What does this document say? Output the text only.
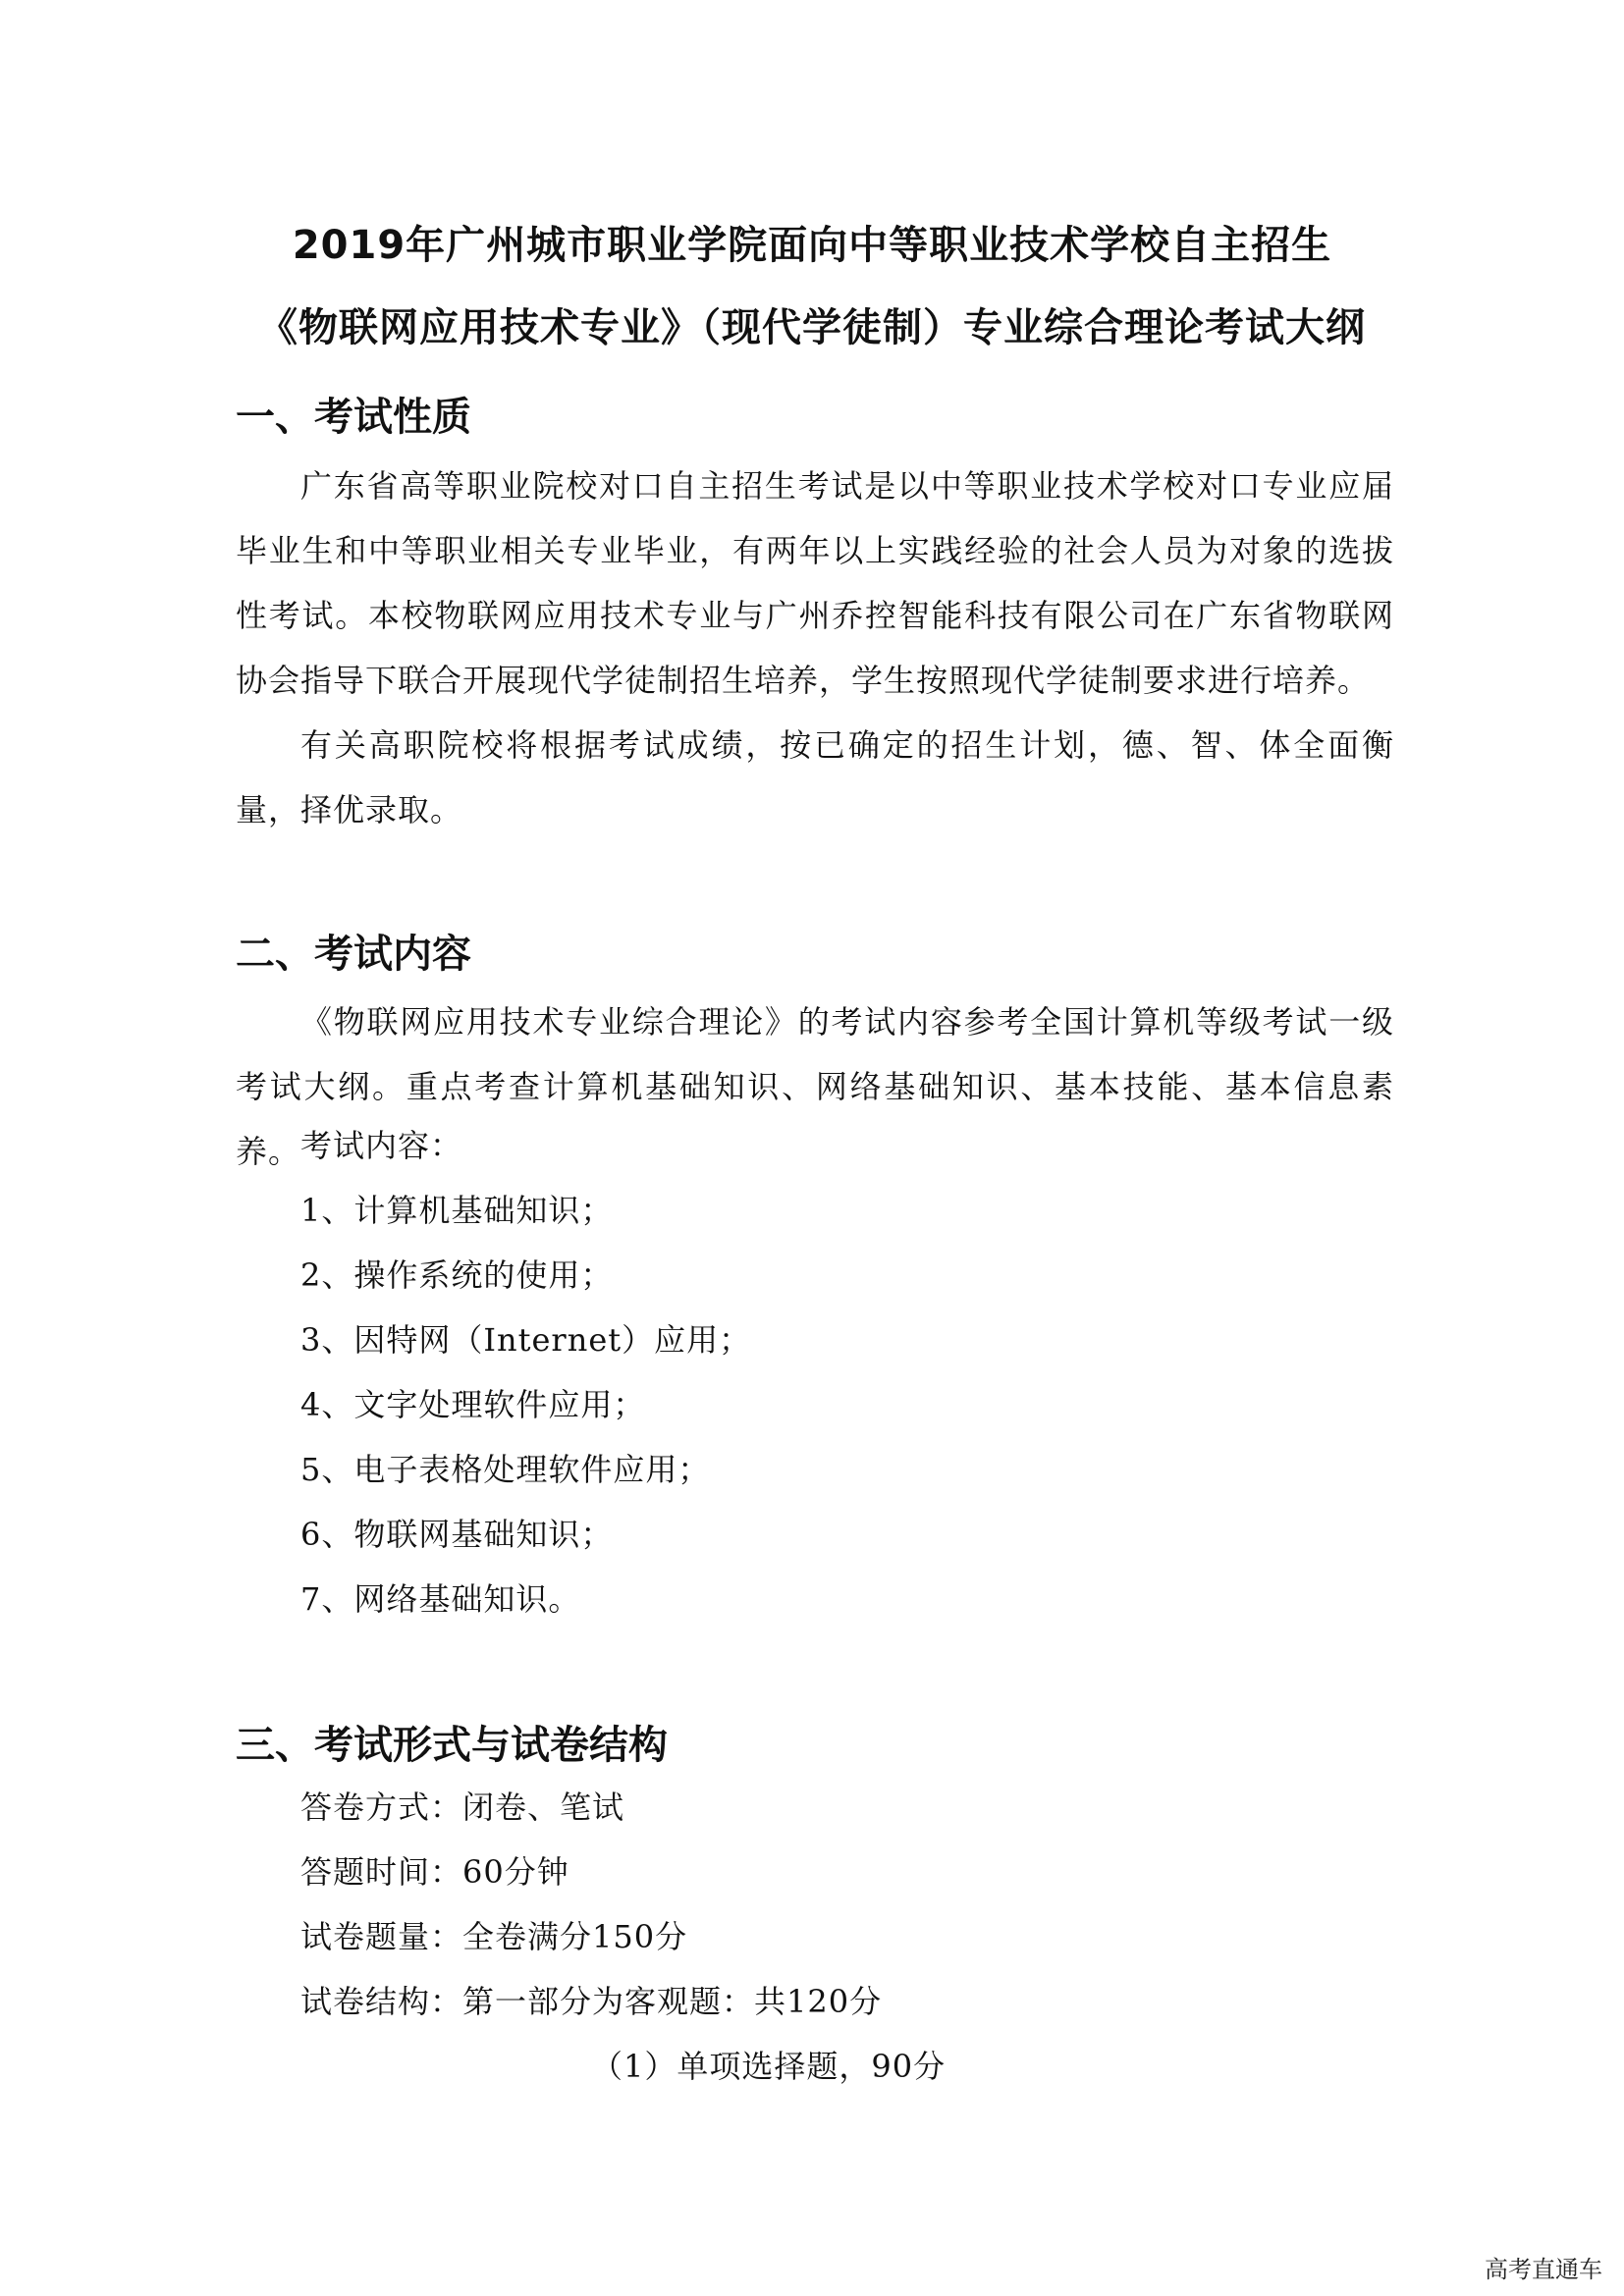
2019年广州城市职业学院面向中等职业技术学校自主招生
《物联网应用技术专业》（现代学徒制）专业综合理论考试大纲
一、考试性质
广东省高等职业院校对口自主招生考试是以中等职业技术学校对口专业应届毕业生和中等职业相关专业毕业，有两年以上实践经验的社会人员为对象的选拔性考试。本校物联网应用技术专业与广州乔控智能科技有限公司在广东省物联网协会指导下联合开展现代学徒制招生培养，学生按照现代学徒制要求进行培养。
有关高职院校将根据考试成绩，按已确定的招生计划，德、智、体全面衡量，择优录取。
二、考试内容
《物联网应用技术专业综合理论》的考试内容参考全国计算机等级考试一级考试大纲。重点考查计算机基础知识、网络基础知识、基本技能、基本信息素养。 考试内容：
1、计算机基础知识；
2、操作系统的使用；
3、因特网（Internet）应用；
4、文字处理软件应用；
5、电子表格处理软件应用；
6、物联网基础知识；
7、网络基础知识。
三、考试形式与试卷结构
答卷方式：闭卷、笔试
答题时间：60分钟
试卷题量：全卷满分150分
试卷结构：第一部分为客观题：共120分
（1）单项选择题，90分
高考直通车
